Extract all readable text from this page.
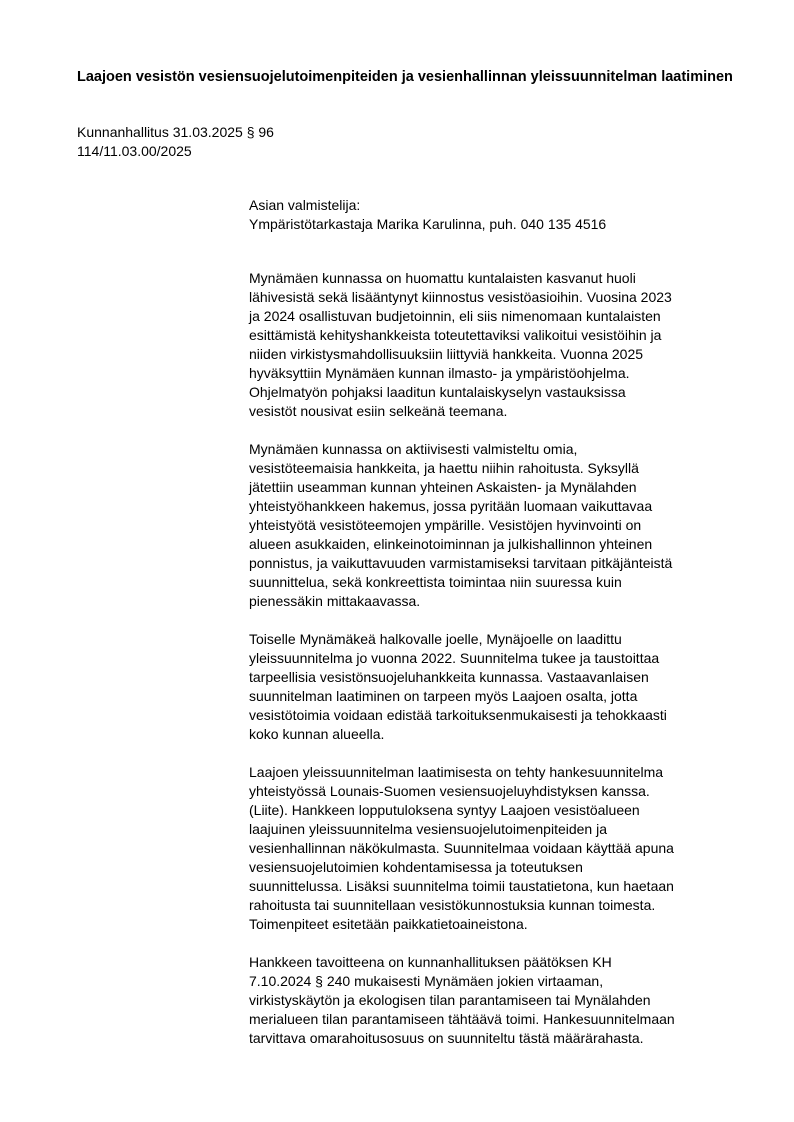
Laajoen vesistön vesiensuojelutoimenpiteiden ja vesienhallinnan yleissuunnitelman laatiminen
Kunnanhallitus 31.03.2025 § 96
114/11.03.00/2025
Asian valmistelija:
Ympäristötarkastaja Marika Karulinna, puh. 040 135 4516

Mynämäen kunnassa on huomattu kuntalaisten kasvanut huoli
lähivesistä sekä lisääntynyt kiinnostus vesistöasioihin. Vuosina 2023
ja 2024 osallistuvan budjetoinnin, eli siis nimenomaan kuntalaisten
esittämistä kehityshankkeista toteutettaviksi valikoitui vesistöihin ja
niiden virkistysmahdollisuuksiin liittyviä hankkeita. Vuonna 2025
hyväksyttiin Mynämäen kunnan ilmasto- ja ympäristöohjelma.
Ohjelmatyön pohjaksi laaditun kuntalaiskyselyn vastauksissa
vesistöt nousivat esiin selkeänä teemana.

Mynämäen kunnassa on aktiivisesti valmisteltu omia,
vesistöteemaisia hankkeita, ja haettu niihin rahoitusta. Syksyllä
jätettiin useamman kunnan yhteinen Askaisten- ja Mynälahden
yhteistyöhankkeen hakemus, jossa pyritään luomaan vaikuttavaa
yhteistyötä vesistöteemojen ympärille. Vesistöjen hyvinvointi on
alueen asukkaiden, elinkeinotoiminnan ja julkishallinnon yhteinen
ponnistus, ja vaikuttavuuden varmistamiseksi tarvitaan pitkäjänteistä
suunnittelua, sekä konkreettista toimintaa niin suuressa kuin
pienessäkin mittakaavassa.

Toiselle Mynämäkeä halkovalle joelle, Mynäjoelle on laadittu
yleissuunnitelma jo vuonna 2022. Suunnitelma tukee ja taustoittaa
tarpeellisia vesistönsuojeluhankkeita kunnassa. Vastaavanlaisen
suunnitelman laatiminen on tarpeen myös Laajoen osalta, jotta
vesistötoimia voidaan edistää tarkoituksenmukaisesti ja tehokkaasti
koko kunnan alueella.

Laajoen yleissuunnitelman laatimisesta on tehty hankesuunnitelma
yhteistyössä Lounais-Suomen vesiensuojeluyhdistyksen kanssa.
(Liite). Hankkeen lopputuloksena syntyy Laajoen vesistöalueen
laajuinen yleissuunnitelma vesiensuojelutoimenpiteiden ja
vesienhallinnan näkökulmasta. Suunnitelmaa voidaan käyttää apuna
vesiensuojelutoimien kohdentamisessa ja toteutuksen
suunnittelussa. Lisäksi suunnitelma toimii taustatietona, kun haetaan
rahoitusta tai suunnitellaan vesistökunnostuksia kunnan toimesta.
Toimenpiteet esitetään paikkatietoaineistona.

Hankkeen tavoitteena on kunnanhallituksen päätöksen KH
7.10.2024 § 240 mukaisesti Mynämäen jokien virtaaman,
virkistyskäytön ja ekologisen tilan parantamiseen tai Mynälahden
merialueen tilan parantamiseen tähtäävä toimi. Hankesuunnitelmaan
tarvittava omarahoitusosuus on suunniteltu tästä määrärahasta.
